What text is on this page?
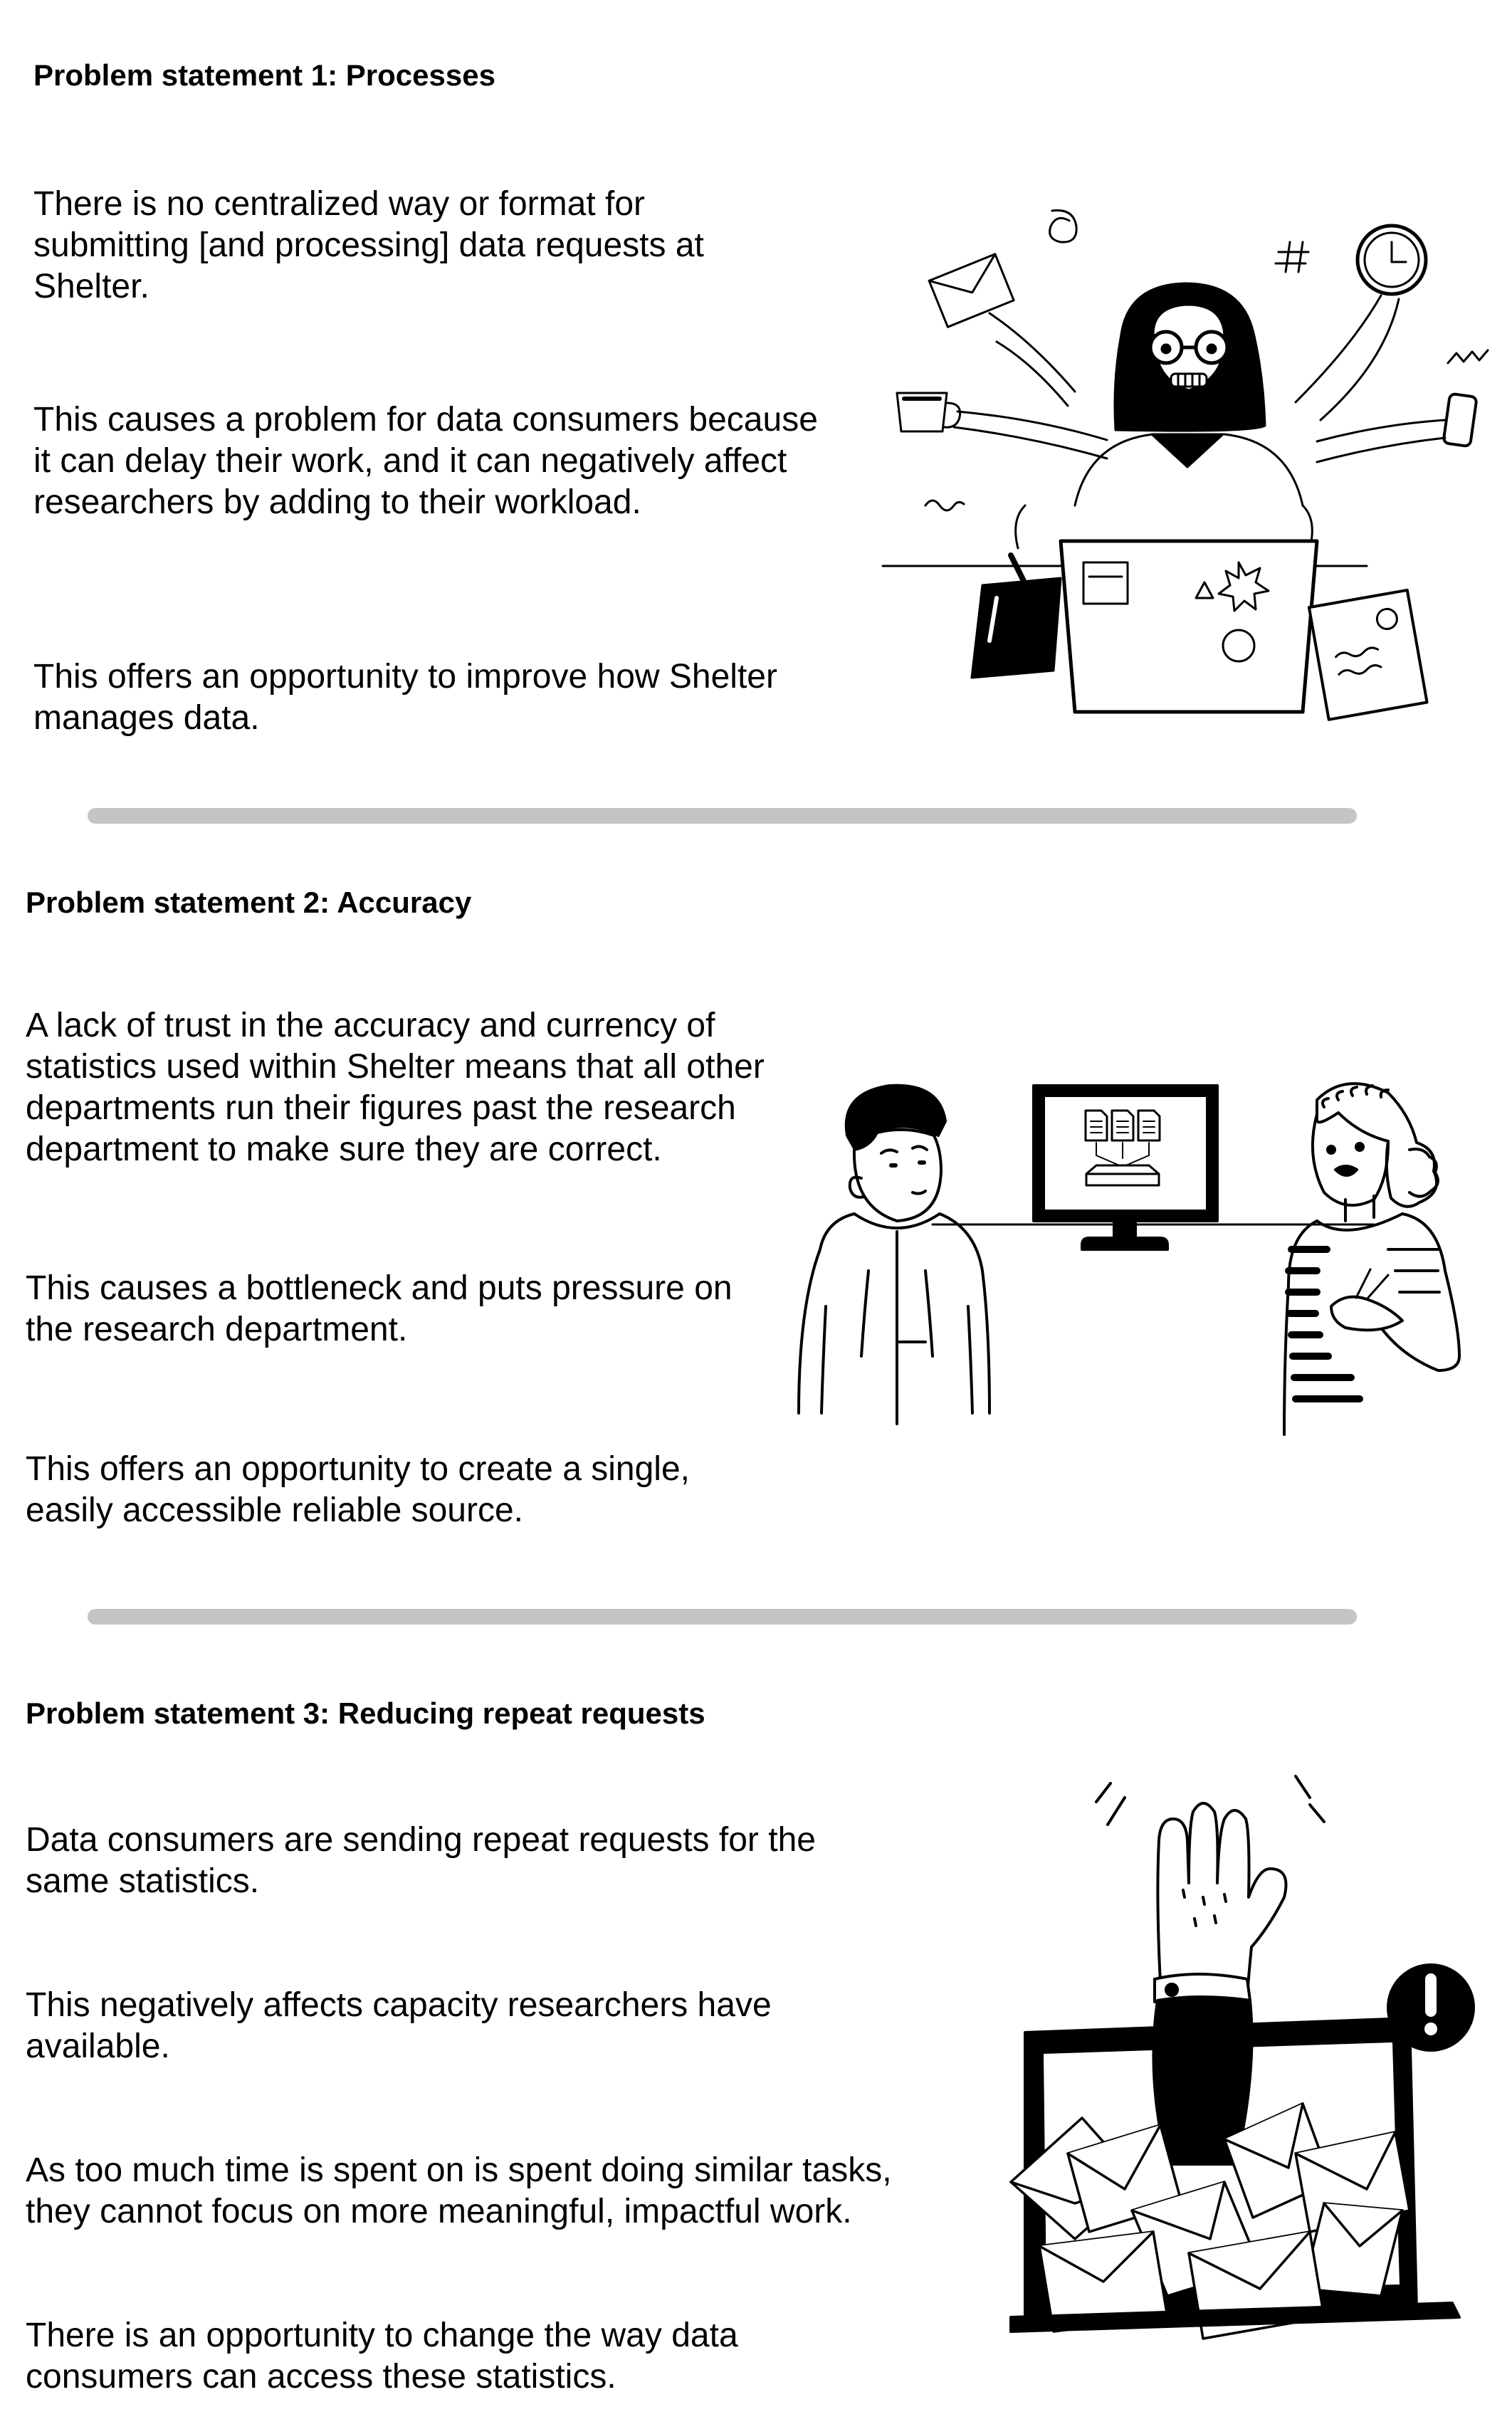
Problem statement 1: Processes
There is no centralized way or format for submitting [and processing] data requests at Shelter.
This causes a problem for data consumers because it can delay their work, and it can negatively affect researchers by adding to their workload.
This offers an opportunity to improve how Shelter manages data.
Problem statement 2: Accuracy
A lack of trust in the accuracy and currency of statistics used within Shelter means that all other departments run their figures past the research department to make sure they are correct.
This causes a bottleneck and puts pressure on the research department.
This offers an opportunity to create a single, easily accessible reliable source.
Problem statement 3: Reducing repeat requests
Data consumers are sending repeat requests for the same statistics.
This negatively affects capacity researchers have available.
As too much time is spent on is spent doing similar tasks, they cannot focus on more meaningful, impactful work.
There is an opportunity to change the way data consumers can access these statistics.
